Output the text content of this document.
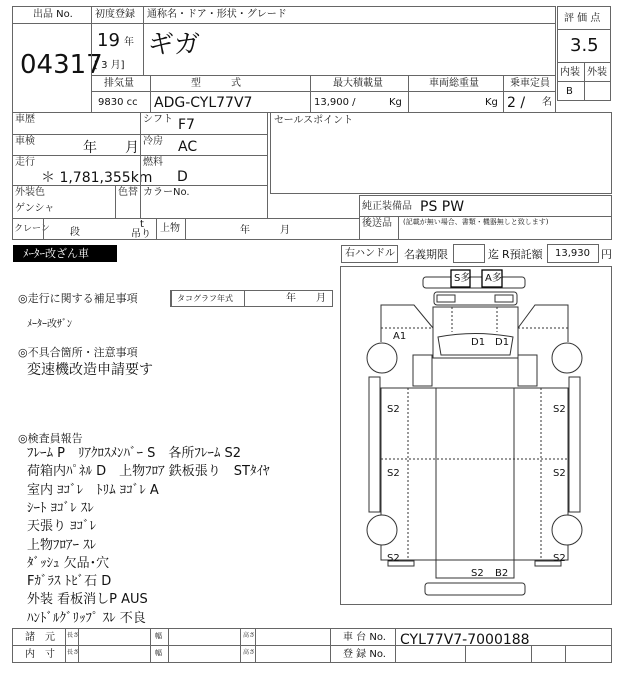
出品 No.
04317
初度登録 通称名・ドア・形状・グレード
19 年
[ 3 月]
ギガ
排気量	型　　　式	最大積載量	車両総重量	乗車定員
9830 cc ADG-CYL77V7	13,900 /	Kg	Kg 2 / 名
評 価 点
3.5
内装 外装
B
車歴
車検	年　　月
走行
＊ 1,781,355km
シフト F7
冷房 AC
燃料
D
外装色
ゲンシャ
色替 カラーNo.
クレーン 段
t
吊り
上物	年　　　月
セールスポイント
純正装備品 PS PW
後送品 (記載が無い場合、書類・機器無しと致します)
ﾒｰﾀｰ改ざん車	右ハンドル 名義期限	迄 R預託額 13,930 円
◎走行に関する補足事項	タコグラフ年式	年　　月
ﾒｰﾀｰ改ｻﾞﾝ
◎不具合箇所・注意事項
変速機改造申請要す
◎検査員報告
ﾌﾚｰﾑ P　ﾘｱｸﾛｽﾒﾝﾊﾞｰ S　各所ﾌﾚｰﾑ S2
荷箱内ﾊﾟﾈﾙ D　上物ﾌﾛｱ 鉄板張り　STﾀｲﾔ
室内 ﾖｺﾞﾚ　ﾄﾘﾑ ﾖｺﾞﾚ A
ｼｰﾄ ﾖｺﾞﾚ ｽﾚ
天張り ﾖｺﾞﾚ
上物ﾌﾛｱｰ ｽﾚ
ﾀﾞｯｼｭ 欠品･穴
Fｶﾞﾗｽ ﾄﾋﾞ石 D
外装 看板消しP AUS
ﾊﾝﾄﾞﾙｸﾞﾘｯﾌﾟ ｽﾚ 不良
S多 A多
A1
D1 D1
S2	S2
S2	S2
S2	S2
S2 B2
諸　元 長さ	幅	高さ
内　寸 長さ	幅	高さ
車 台 No. CYL77V7-7000188
登 録 No.
